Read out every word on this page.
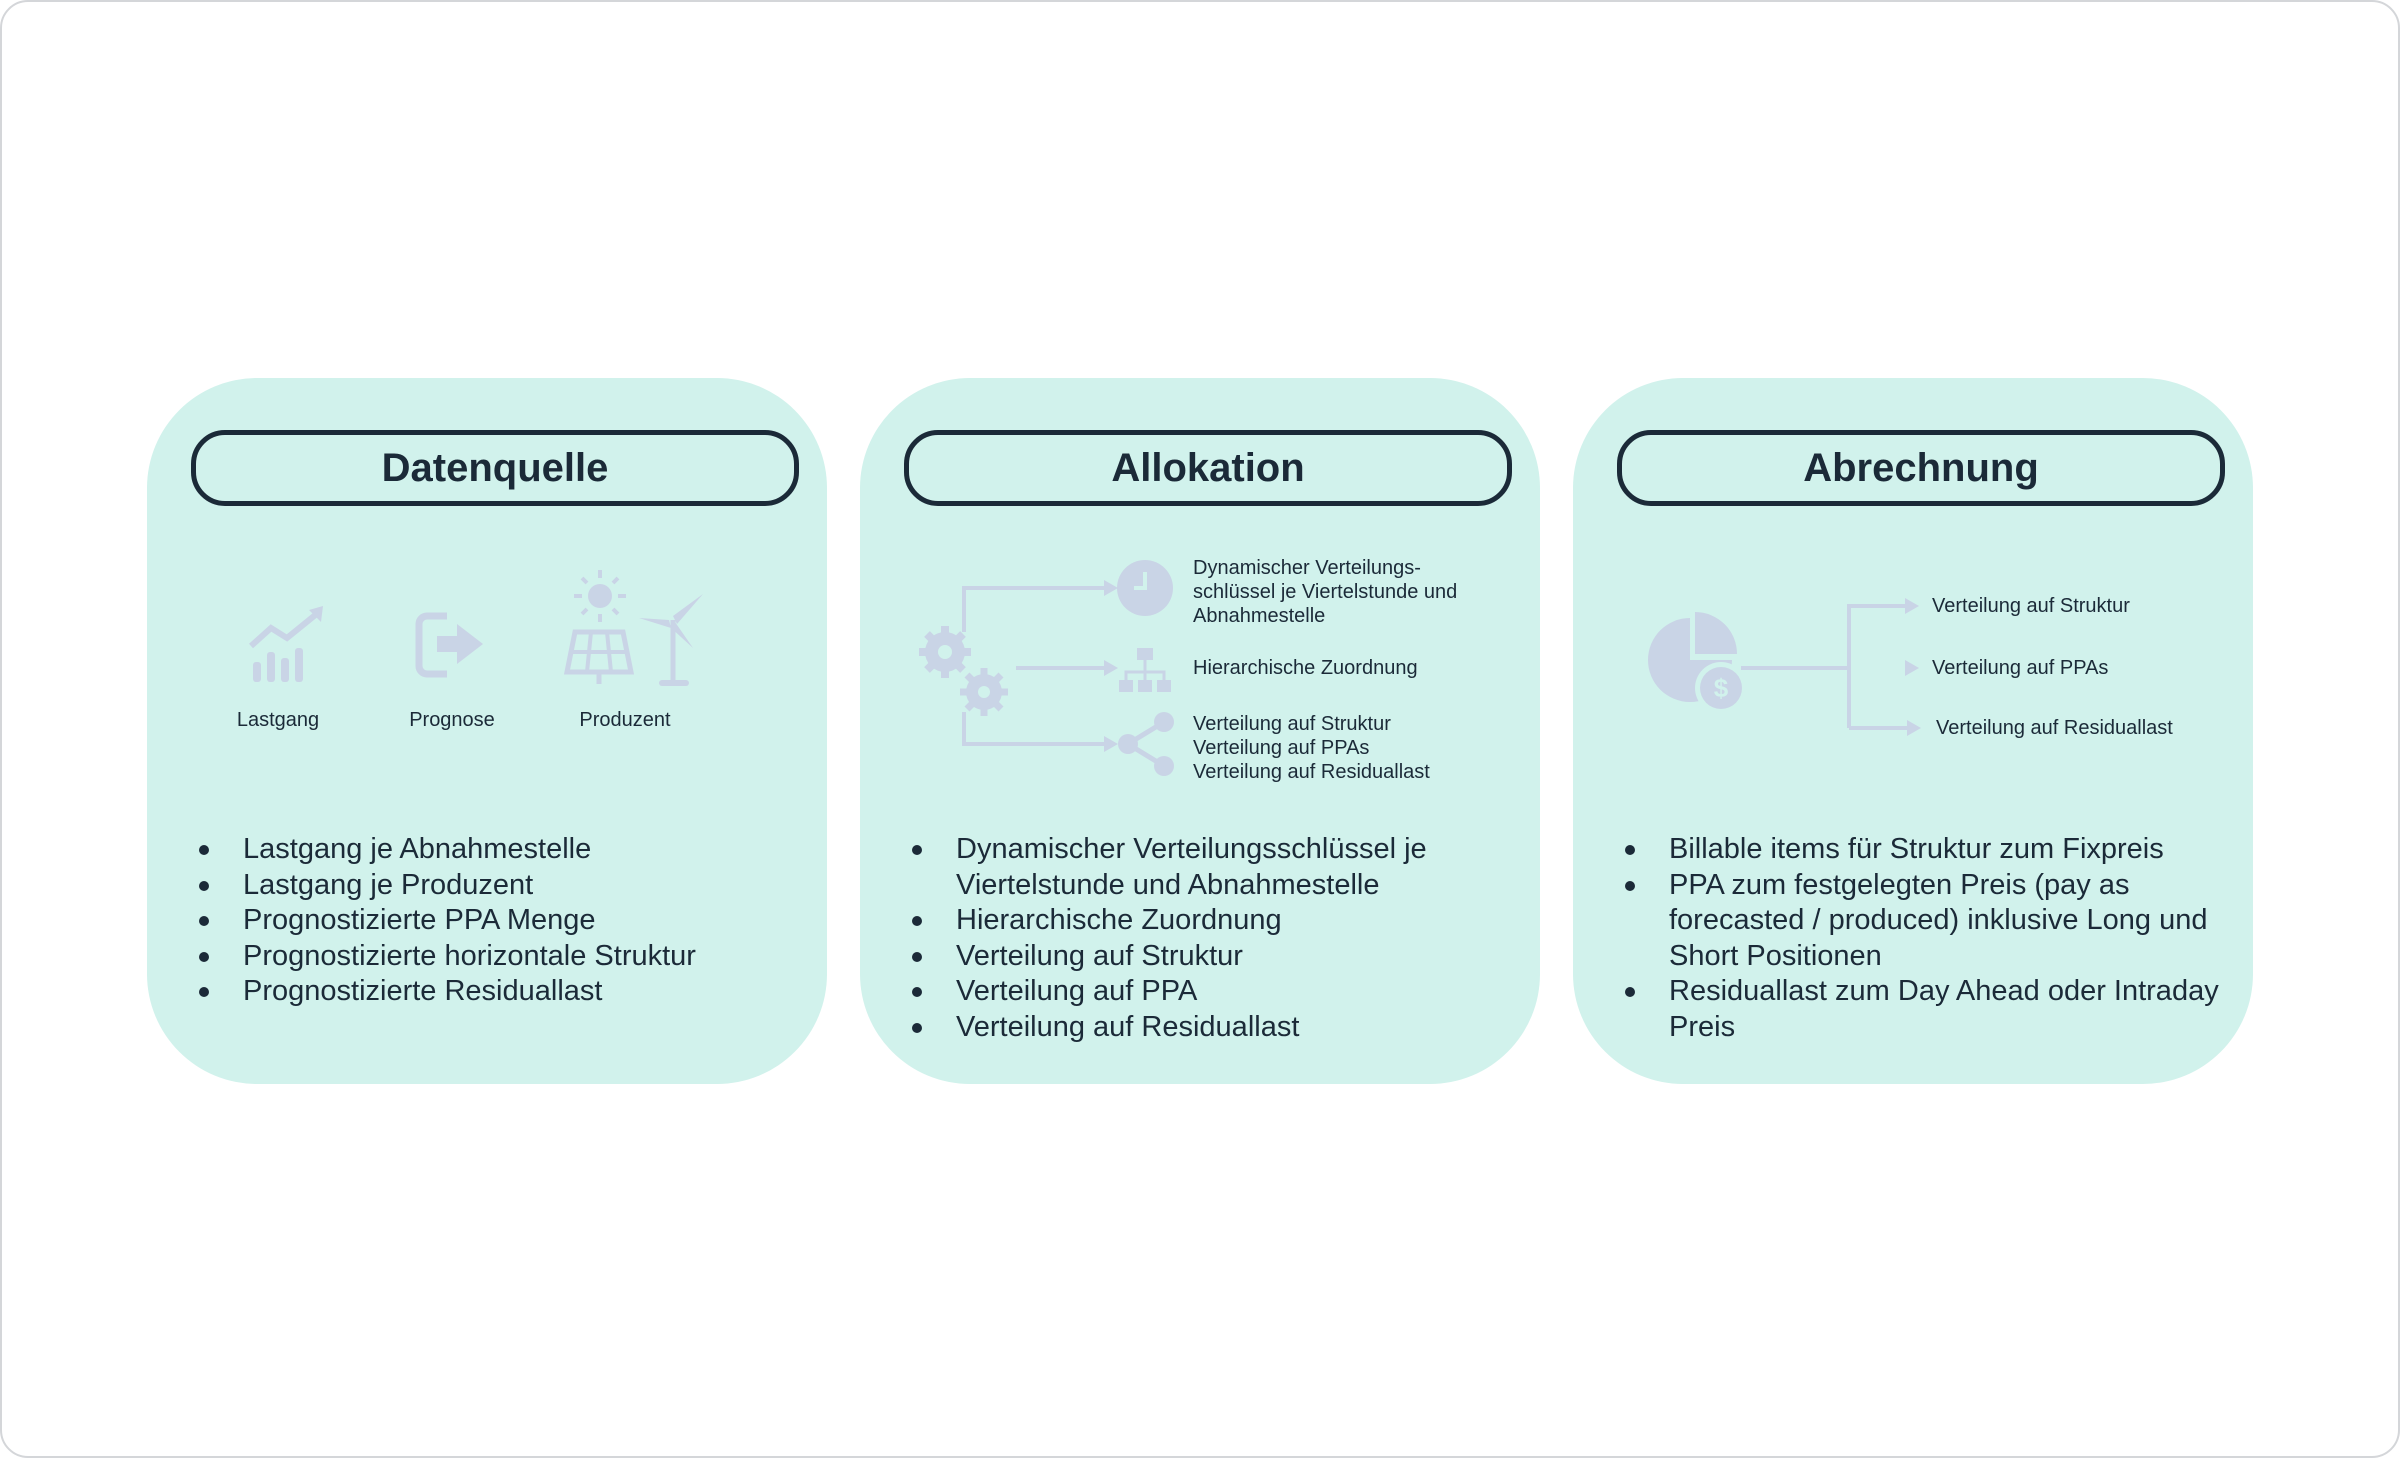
Datenquelle
Lastgang	Prognose	Produzent
Lastgang je Abnahmestelle
Lastgang je Produzent
Prognostizierte PPA Menge
Prognostizierte horizontale Struktur
Prognostizierte Residuallast
Allokation
Dynamischer Verteilungs-
schlüssel je Viertelstunde und
Abnahmestelle
Hierarchische Zuordnung
Verteilung auf Struktur
Verteilung auf PPAs
Verteilung auf Residuallast
Dynamischer Verteilungsschlüssel je Viertelstunde und Abnahmestelle
Hierarchische Zuordnung
Verteilung auf Struktur
Verteilung auf PPA
Verteilung auf Residuallast
Abrechnung
$
Verteilung auf Struktur
Verteilung auf PPAs
Verteilung auf Residuallast
Billable items für Struktur zum Fixpreis
PPA zum festgelegten Preis (pay as forecasted / produced) inklusive Long und Short Positionen
Residuallast zum Day Ahead oder Intraday Preis
